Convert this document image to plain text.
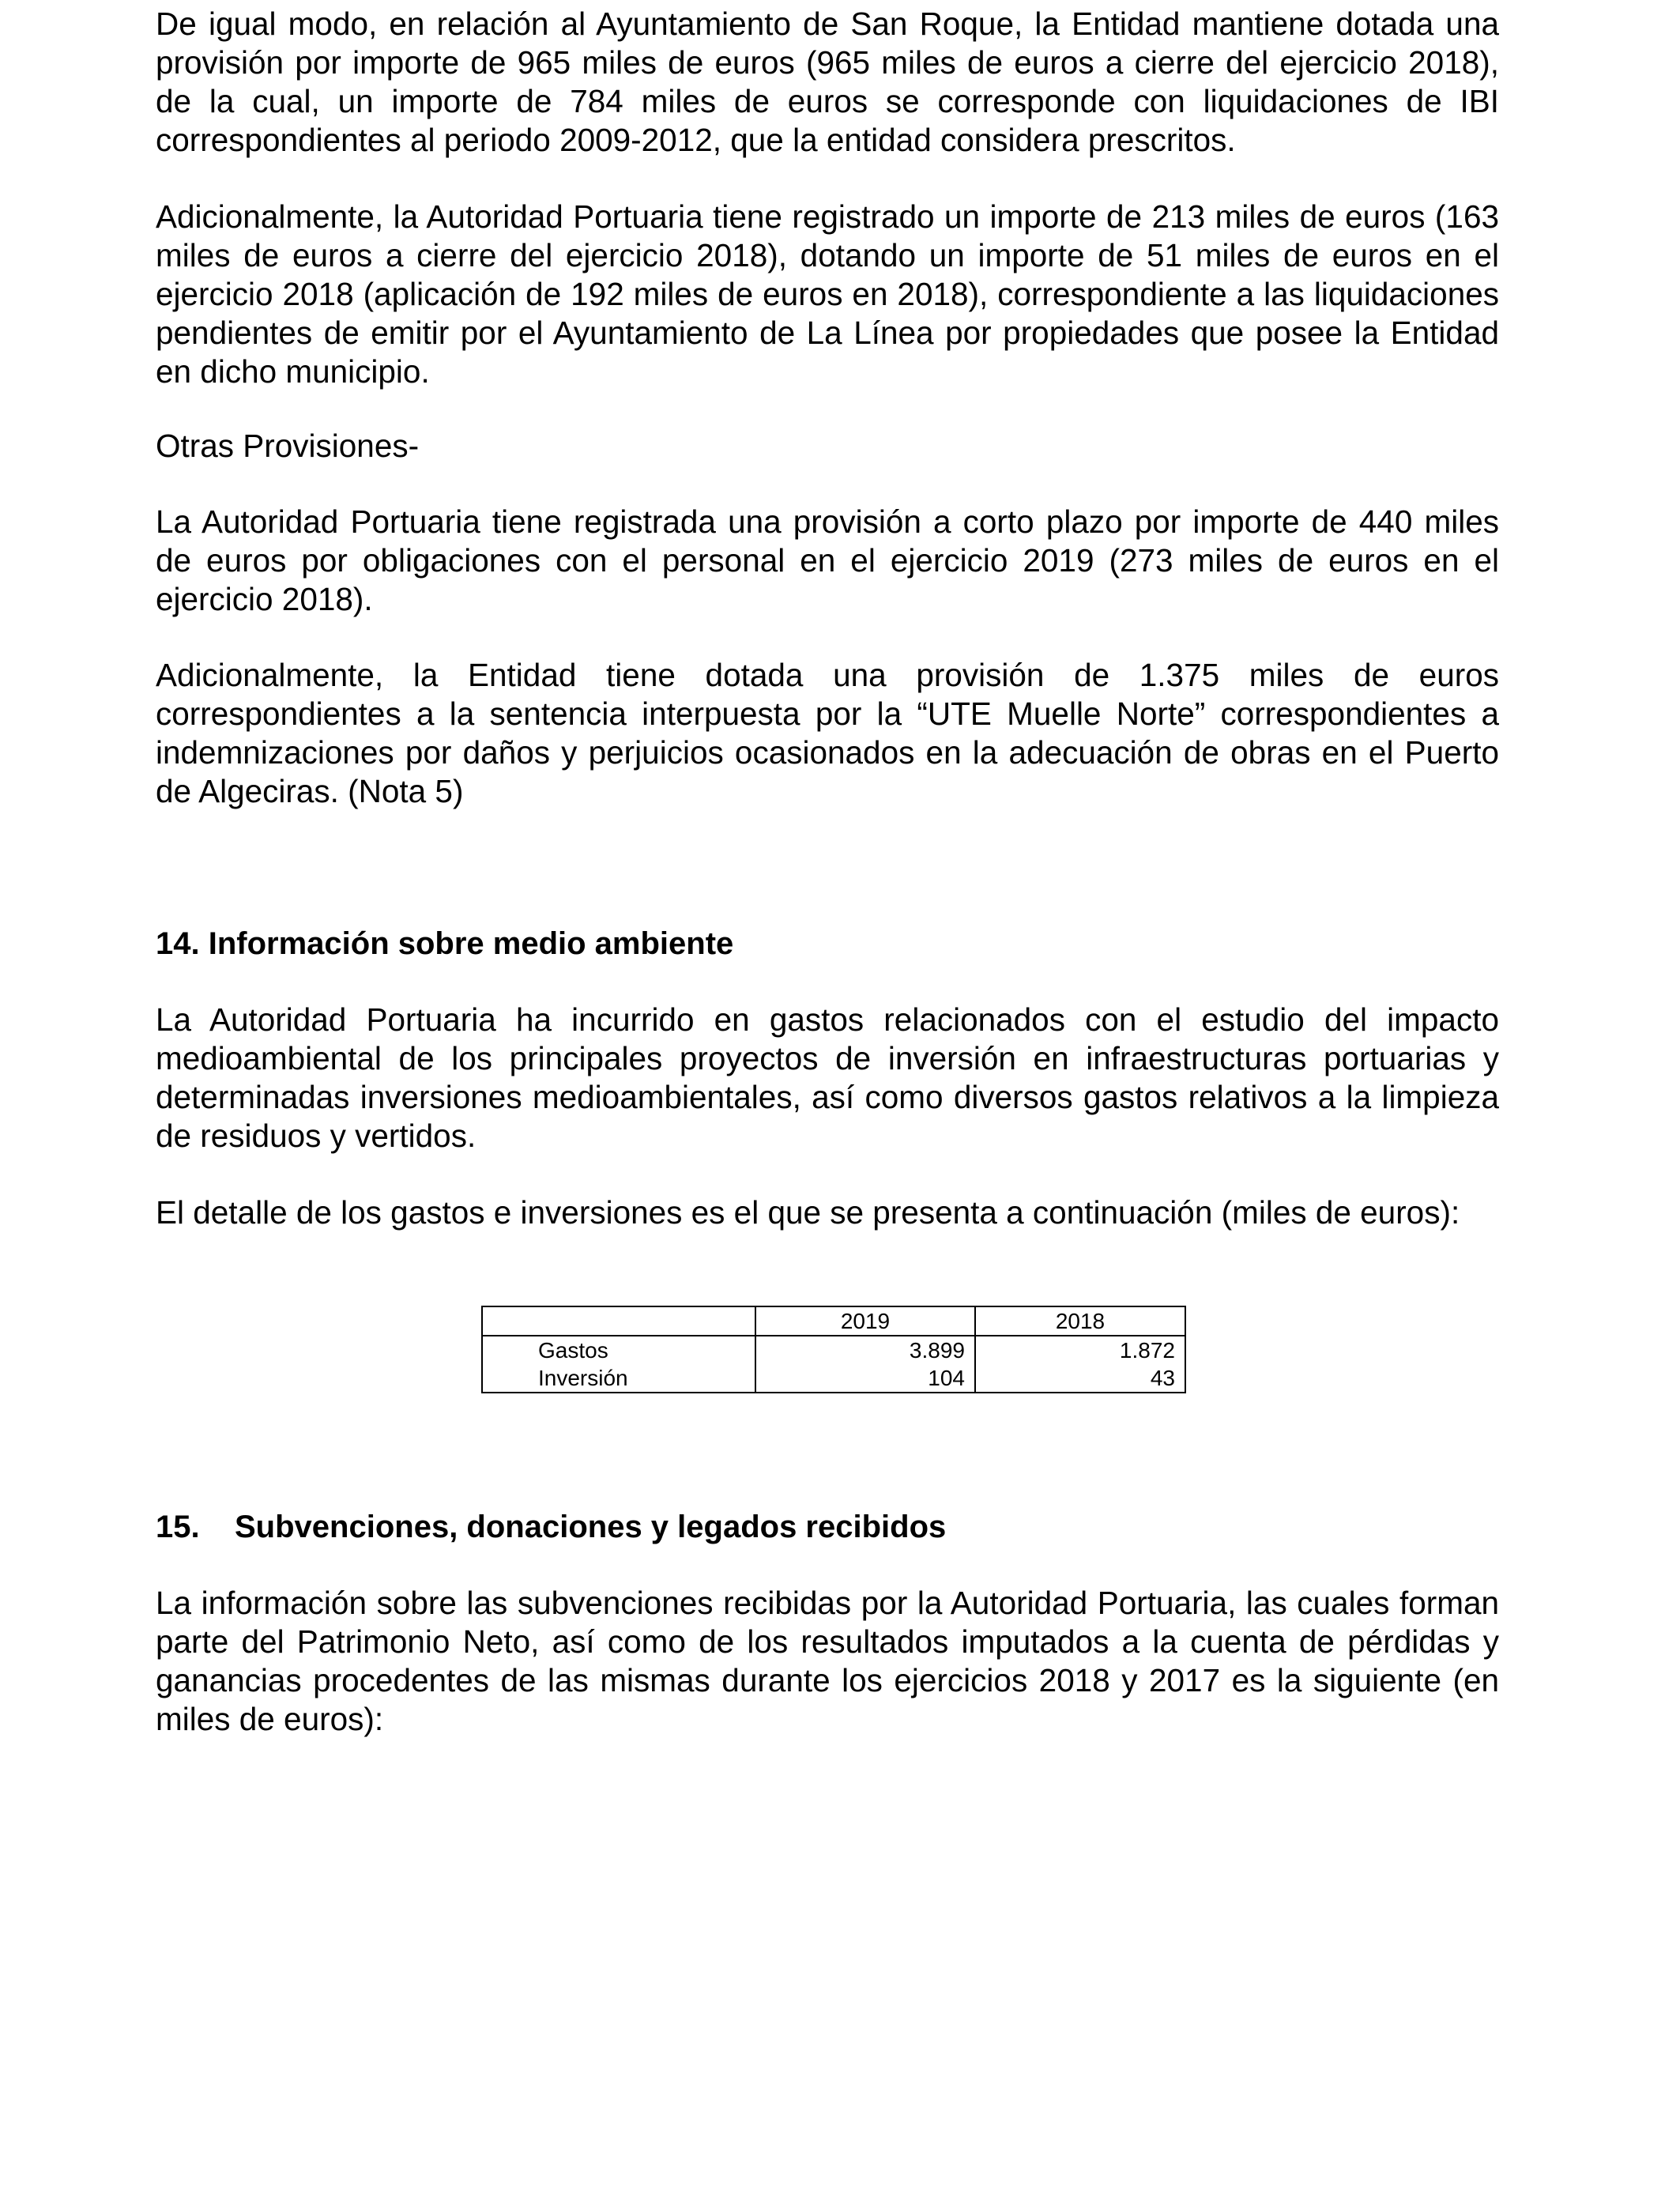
De igual modo, en relación al Ayuntamiento de San Roque, la Entidad mantiene dotada una provisión por importe de 965 miles de euros (965 miles de euros a cierre del ejercicio 2018), de la cual, un importe de 784 miles de euros se corresponde con liquidaciones de IBI correspondientes al periodo 2009-2012, que la entidad considera prescritos.

Adicionalmente, la Autoridad Portuaria tiene registrado un importe de 213 miles de euros (163 miles de euros a cierre del ejercicio 2018), dotando un importe de 51 miles de euros en el ejercicio 2018 (aplicación de 192 miles de euros en 2018), correspondiente a las liquidaciones pendientes de emitir por el Ayuntamiento de La Línea por propiedades que posee la Entidad en dicho municipio.

Otras Provisiones-

La Autoridad Portuaria tiene registrada una provisión a corto plazo por importe de 440 miles de euros por obligaciones con el personal en el ejercicio 2019 (273 miles de euros en el ejercicio 2018).

Adicionalmente, la Entidad tiene dotada una provisión de 1.375 miles de euros correspondientes a la sentencia interpuesta por la “UTE Muelle Norte” correspondientes a indemnizaciones por daños y perjuicios ocasionados en la adecuación de obras en el Puerto de Algeciras. (Nota 5)

14. Información sobre medio ambiente

La Autoridad Portuaria ha incurrido en gastos relacionados con el estudio del impacto medioambiental de los principales proyectos de inversión en infraestructuras portuarias y determinadas inversiones medioambientales, así como diversos gastos relativos a la limpieza de residuos y vertidos.

El detalle de los gastos e inversiones es el que se presenta a continuación (miles de euros):

	2019	2018
Gastos	3.899	1.872
Inversión	104	43
15. Subvenciones, donaciones y legados recibidos

La información sobre las subvenciones recibidas por la Autoridad Portuaria, las cuales forman parte del Patrimonio Neto, así como de los resultados imputados a la cuenta de pérdidas y ganancias procedentes de las mismas durante los ejercicios 2018 y 2017 es la siguiente (en miles de euros):
